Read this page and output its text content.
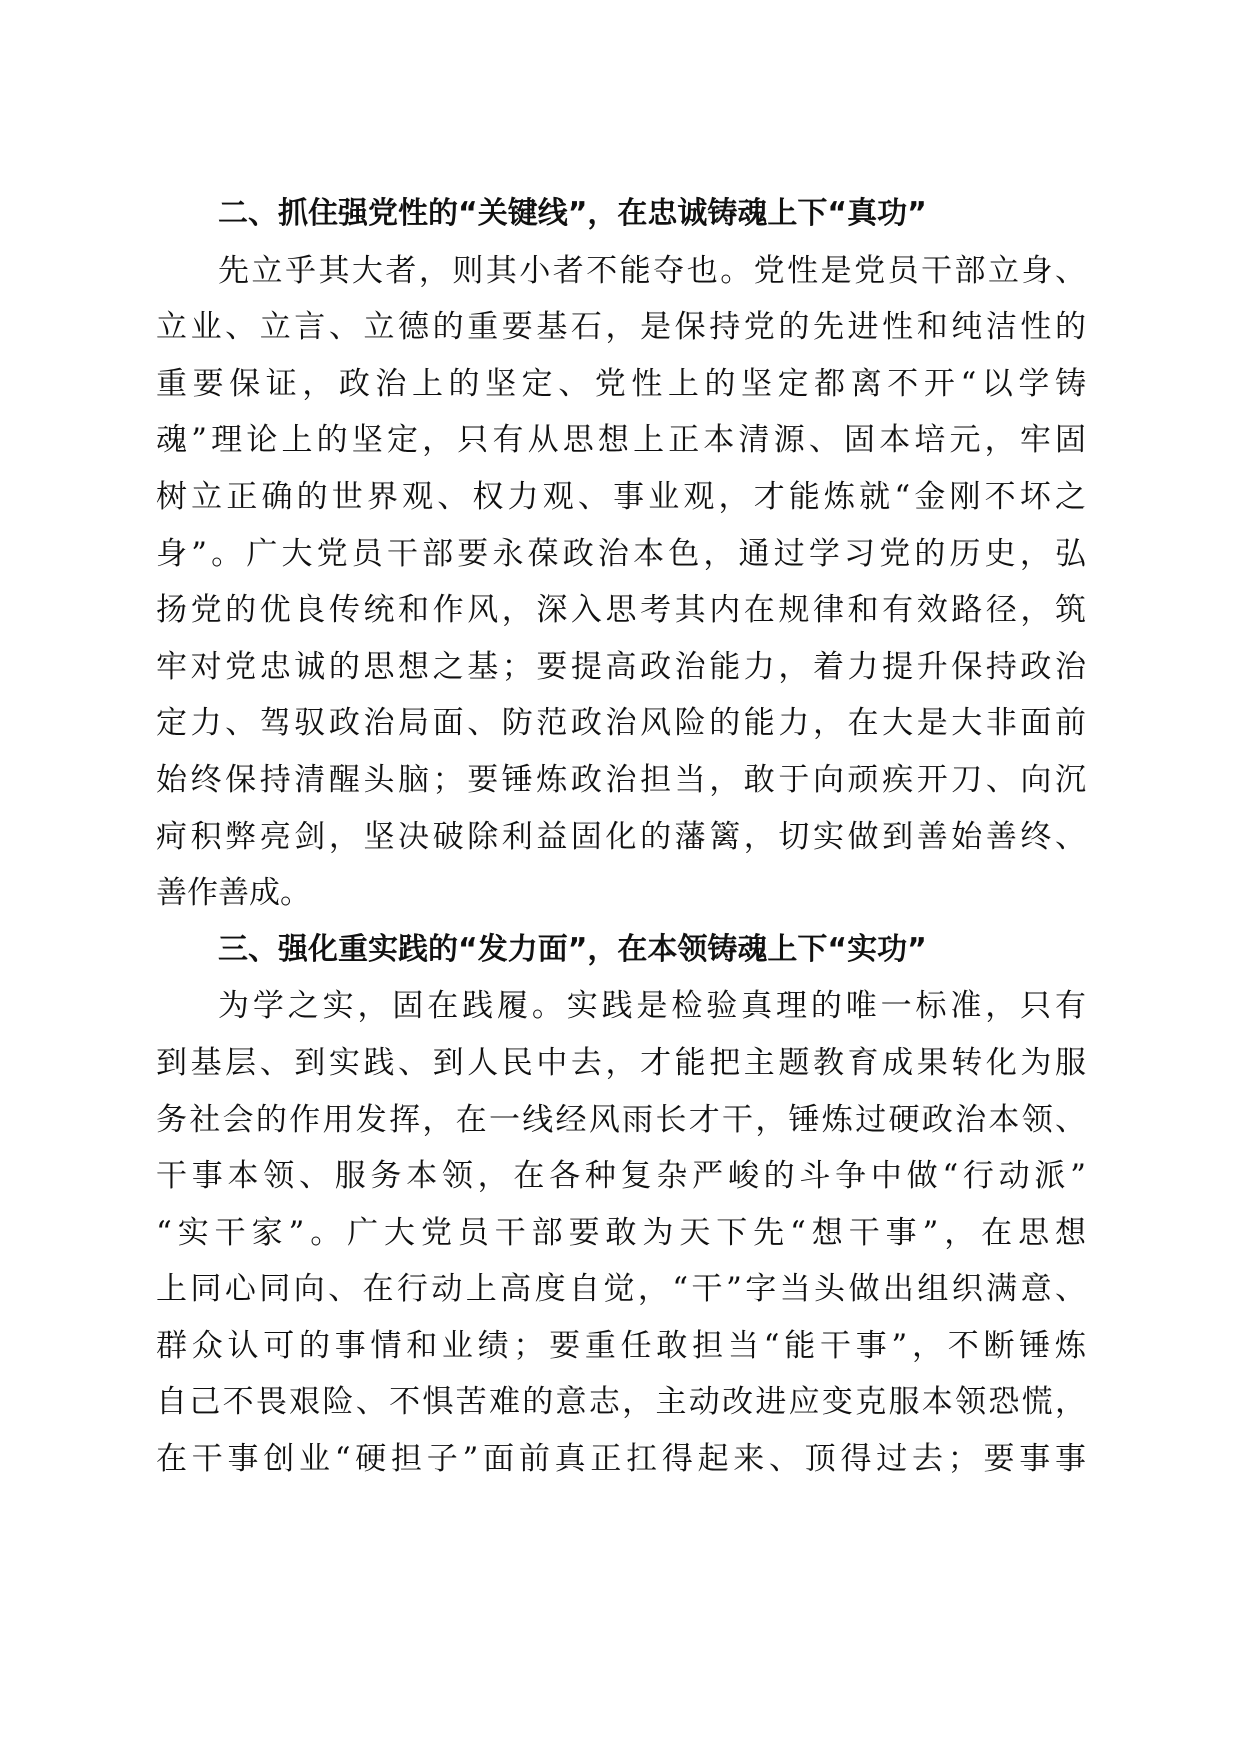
二、抓住强党性的“关键线”，在忠诚铸魂上下“真功”
先立乎其大者，则其小者不能夺也。党性是党员干部立身、
立业、立言、立德的重要基石，是保持党的先进性和纯洁性的
重要保证，政治上的坚定、党性上的坚定都离不开“以学铸
魂”理论上的坚定，只有从思想上正本清源、固本培元，牢固
树立正确的世界观、权力观、事业观，才能炼就“金刚不坏之
身”。广大党员干部要永葆政治本色，通过学习党的历史，弘
扬党的优良传统和作风，深入思考其内在规律和有效路径，筑
牢对党忠诚的思想之基；要提高政治能力，着力提升保持政治
定力、驾驭政治局面、防范政治风险的能力，在大是大非面前
始终保持清醒头脑；要锤炼政治担当，敢于向顽疾开刀、向沉
疴积弊亮剑，坚决破除利益固化的藩篱，切实做到善始善终、
善作善成。
三、强化重实践的“发力面”，在本领铸魂上下“实功”
为学之实，固在践履。实践是检验真理的唯一标准，只有
到基层、到实践、到人民中去，才能把主题教育成果转化为服
务社会的作用发挥，在一线经风雨长才干，锤炼过硬政治本领、
干事本领、服务本领，在各种复杂严峻的斗争中做“行动派”
“实干家”。广大党员干部要敢为天下先“想干事”，在思想
上同心同向、在行动上高度自觉，“干”字当头做出组织满意、
群众认可的事情和业绩；要重任敢担当“能干事”，不断锤炼
自己不畏艰险、不惧苦难的意志，主动改进应变克服本领恐慌，
在干事创业“硬担子”面前真正扛得起来、顶得过去；要事事
